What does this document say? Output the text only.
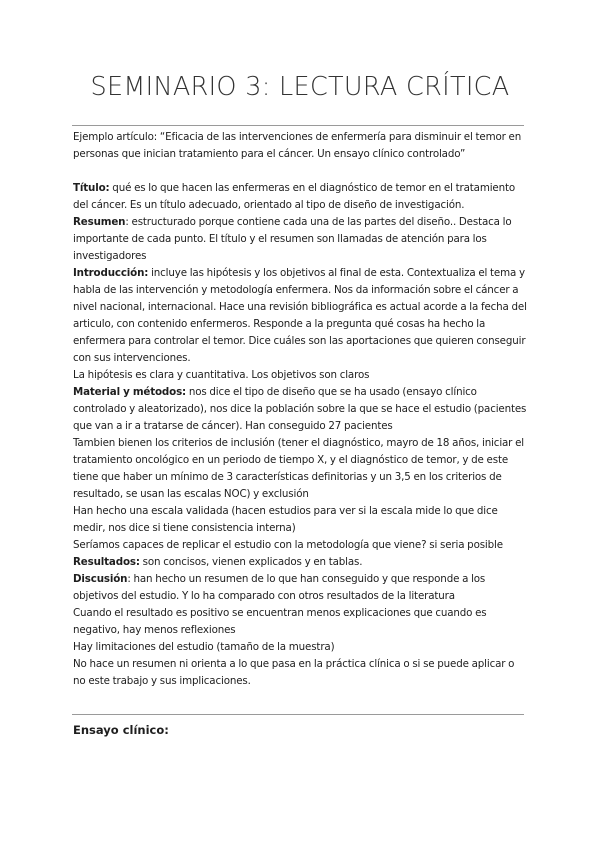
SEMINARIO 3: LECTURA CRÍTICA

Ejemplo artículo: “Eficacia de las intervenciones de enfermería para disminuir el temor en personas que inician tratamiento para el cáncer. Un ensayo clínico controlado”

Título: qué es lo que hacen las enfermeras en el diagnóstico de temor en el tratamiento del cáncer. Es un título adecuado, orientado al tipo de diseño de investigación.

Resumen: estructurado porque contiene cada una de las partes del diseño.. Destaca lo importante de cada punto. El título y el resumen son llamadas de atención para los investigadores

Introducción: incluye las hipótesis y los objetivos al final de esta. Contextualiza el tema y habla de las intervención y metodología enfermera. Nos da información sobre el cáncer a nivel nacional, internacional. Hace una revisión bibliográfica es actual acorde a la fecha del articulo, con contenido enfermeros. Responde a la pregunta qué cosas ha hecho la enfermera para controlar el temor. Dice cuáles son las aportaciones que quieren conseguir con sus intervenciones.

La hipótesis es clara y cuantitativa. Los objetivos son claros

Material y métodos: nos dice el tipo de diseño que se ha usado (ensayo clínico controlado y aleatorizado), nos dice la población sobre la que se hace el estudio (pacientes que van a ir a tratarse de cáncer). Han conseguido 27 pacientes

Tambien bienen los criterios de inclusión (tener el diagnóstico, mayro de 18 años, iniciar el tratamiento oncológico en un periodo de tiempo X, y el diagnóstico de temor, y de este tiene que haber un mínimo de 3 características definitorias y un 3,5 en los criterios de resultado, se usan las escalas NOC) y exclusión

Han hecho una escala validada (hacen estudios para ver si la escala mide lo que dice medir, nos dice si tiene consistencia interna)

Seríamos capaces de replicar el estudio con la metodología que viene? si seria posible

Resultados: son concisos, vienen explicados y en tablas.

Discusión: han hecho un resumen de lo que han conseguido y que responde a los objetivos del estudio. Y lo ha comparado con otros resultados de la literatura

Cuando el resultado es positivo se encuentran menos explicaciones que cuando es negativo, hay menos reflexiones

Hay limitaciones del estudio (tamaño de la muestra)

No hace un resumen ni orienta a lo que pasa en la práctica clínica o si se puede aplicar o no este trabajo y sus implicaciones.

Ensayo clínico:
